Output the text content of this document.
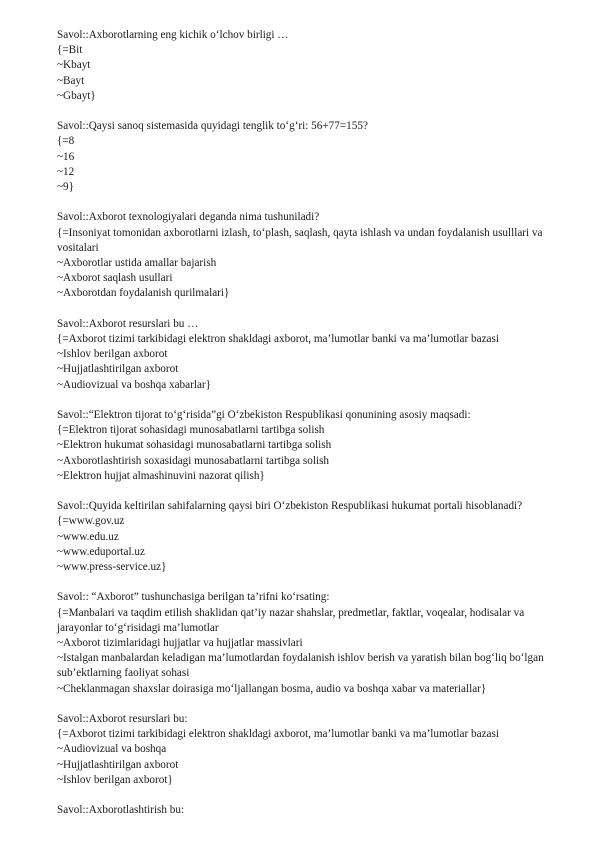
Savol::Axborotlarning eng kichik o‘lchov birligi …
{=Bit
~Kbayt
~Bayt
~Gbayt}
Savol::Qaysi sanoq sistemasida quyidagi tenglik to‘g‘ri: 56+77=155?
{=8
~16
~12
~9}
Savol::Axborot texnologiyalari deganda nima tushuniladi?
{=Insoniyat tomonidan axborotlarni izlash, to‘plash, saqlash, qayta ishlash va undan foydalanish usulllari va vositalari
~Axborotlar ustida amallar bajarish
~Axborot saqlash usullari
~Axborotdan foydalanish qurilmalari}
Savol::Axborot resurslari bu …
{=Axborot tizimi tarkibidagi elektron shakldagi axborot, ma’lumotlar banki va ma’lumotlar bazasi
~Ishlov berilgan axborot
~Hujjatlashtirilgan axborot
~Audiovizual va boshqa xabarlar}
Savol::“Elektron tijorat to‘g‘risida”gi O‘zbekiston Respublikasi qonunining asosiy maqsadi:
{=Elektron tijorat sohasidagi munosabatlarni tartibga solish
~Elektron hukumat sohasidagi munosabatlarni tartibga solish
~Axborotlashtirish soxasidagi munosabatlarni tartibga solish
~Elektron hujjat almashinuvini nazorat qilish}
Savol::Quyida keltirilan sahifalarning qaysi biri O‘zbekiston Respublikasi hukumat portali hisoblanadi?
{=www.gov.uz
~www.edu.uz
~www.eduportal.uz
~www.press-service.uz}
Savol:: “Axborot” tushunchasiga berilgan ta’rifni ko‘rsating:
{=Manbalari va taqdim etilish shaklidan qat’iy nazar shahslar, predmetlar, faktlar, voqealar, hodisalar va jarayonlar to‘g‘risidagi ma’lumotlar
~Axborot tizimlaridagi hujjatlar va hujjatlar massivlari
~Istalgan manbalardan keladigan ma’lumotlardan foydalanish ishlov berish va yaratish bilan bog‘liq bo‘lgan sub’ektlarning faoliyat sohasi
~Cheklanmagan shaxslar doirasiga mo‘ljallangan bosma, audio va boshqa xabar va materiallar}
Savol::Axborot resurslari bu:
{=Axborot tizimi tarkibidagi elektron shakldagi axborot, ma’lumotlar banki va ma’lumotlar bazasi
~Audiovizual va boshqa
~Hujjatlashtirilgan axborot
~Ishlov berilgan axborot}
Savol::Axborotlashtirish bu:
